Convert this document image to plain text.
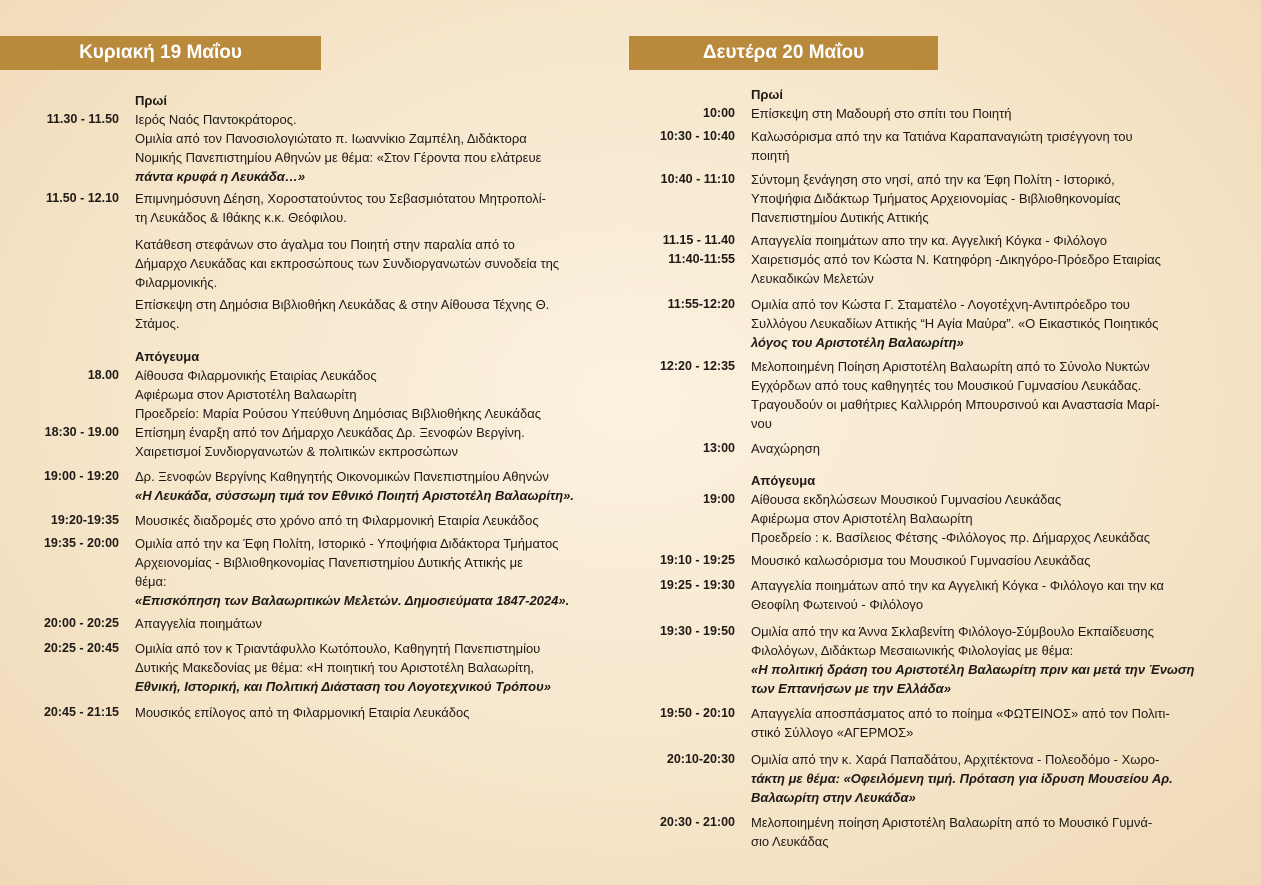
Κυριακή 19 Μαΐου	Δευτέρα 20 Μαΐου
Πρωί
11.30 - 11.50 Ιερός Ναός Παντοκράτορος.
Ομιλία από τον Πανοσιολογιώτατο π. Ιωαννίκιο Ζαμπέλη, Διδάκτορα
Νομικής Πανεπιστημίου Αθηνών με θέμα: «Στον Γέροντα που ελάτρευε
πάντα κρυφά η Λευκάδα…»
11.50 - 12.10 Επιμνημόσυνη Δέηση, Χοροστατούντος του Σεβασμιότατου Μητροπολί-
τη Λευκάδος & Ιθάκης κ.κ. Θεόφιλου.
Κατάθεση στεφάνων στο άγαλμα του Ποιητή στην παραλία από το
Δήμαρχο Λευκάδας και εκπροσώπους των Συνδιοργανωτών συνοδεία της
Φιλαρμονικής.
Επίσκεψη στη Δημόσια Βιβλιοθήκη Λευκάδας & στην Αίθουσα Τέχνης Θ.
Στάμος.
Απόγευμα
18.00 Αίθουσα Φιλαρμονικής Εταιρίας Λευκάδος
Αφιέρωμα στον Αριστοτέλη Βαλαωρίτη
Προεδρείο: Μαρία Ρούσου Υπεύθυνη Δημόσιας Βιβλιοθήκης Λευκάδας
18:30 - 19.00 Επίσημη έναρξη από τον Δήμαρχο Λευκάδας Δρ. Ξενοφών Βεργίνη.
Χαιρετισμοί Συνδιοργανωτών & πολιτικών εκπροσώπων
19:00 - 19:20 Δρ. Ξενοφών Βεργίνης Καθηγητής Οικονομικών Πανεπιστημίου Αθηνών
«Η Λευκάδα, σύσσωμη τιμά τον Εθνικό Ποιητή Αριστοτέλη Βαλαωρίτη».
19:20-19:35 Μουσικές διαδρομές στο χρόνο από τη Φιλαρμονική Εταιρία Λευκάδος
19:35 - 20:00 Ομιλία από την κα Έφη Πολίτη, Ιστορικό - Υποψήφια Διδάκτορα Τμήματος
Αρχειονομίας - Βιβλιοθηκονομίας Πανεπιστημίου Δυτικής Αττικής με
θέμα:
«Επισκόπηση των Βαλαωριτικών Μελετών. Δημοσιεύματα 1847-2024».
20:00 - 20:25 Απαγγελία ποιημάτων
20:25 - 20:45 Ομιλία από τον κ Τριαντάφυλλο Κωτόπουλο, Καθηγητή Πανεπιστημίου
Δυτικής Μακεδονίας με θέμα: «Η ποιητική του Αριστοτέλη Βαλαωρίτη,
Εθνική, Ιστορική, και Πολιτική Διάσταση του Λογοτεχνικού Τρόπου»
20:45 - 21:15 Μουσικός επίλογος από τη Φιλαρμονική Εταιρία Λευκάδος
Πρωί
10:00 Επίσκεψη στη Μαδουρή στο σπίτι του Ποιητή
10:30 - 10:40 Καλωσόρισμα από την κα Τατιάνα Καραπαναγιώτη τρισέγγονη του
ποιητή
10:40 - 11:10 Σύντομη ξενάγηση στο νησί, από την κα Έφη Πολίτη - Ιστορικό,
Υποψήφια Διδάκτωρ Τμήματος Αρχειονομίας - Βιβλιοθηκονομίας
Πανεπιστημίου Δυτικής Αττικής
11.15 - 11.40 Απαγγελία ποιημάτων απο την κα. Αγγελική Κόγκα - Φιλόλογο
11:40-11:55 Χαιρετισμός από τον Κώστα Ν. Κατηφόρη -Δικηγόρο-Πρόεδρο Εταιρίας
Λευκαδικών Μελετών
11:55-12:20 Ομιλία από τον Κώστα Γ. Σταματέλο - Λογοτέχνη-Αντιπρόεδρο του
Συλλόγου Λευκαδίων Αττικής “Η Αγία Μαύρα”. «Ο Εικαστικός Ποιητικός
λόγος του Αριστοτέλη Βαλαωρίτη»
12:20 - 12:35 Μελοποιημένη Ποίηση Αριστοτέλη Βαλαωρίτη από το Σύνολο Νυκτών
Εγχόρδων από τους καθηγητές του Μουσικού Γυμνασίου Λευκάδας.
Τραγουδούν οι μαθήτριες Καλλιρρόη Μπουρσινού και Αναστασία Μαρί-
νου
13:00 Αναχώρηση
Απόγευμα
19:00 Αίθουσα εκδηλώσεων Μουσικού Γυμνασίου Λευκάδας
Αφιέρωμα στον Αριστοτέλη Βαλαωρίτη
Προεδρείο : κ. Βασίλειος Φέτσης -Φιλόλογος πρ. Δήμαρχος Λευκάδας
19:10 - 19:25 Μουσικό καλωσόρισμα του Μουσικού Γυμνασίου Λευκάδας
19:25 - 19:30 Απαγγελία ποιημάτων από την κα Αγγελική Κόγκα - Φιλόλογο και την κα
Θεοφίλη Φωτεινού - Φιλόλογο
19:30 - 19:50 Ομιλία από την κα Άννα Σκλαβενίτη Φιλόλογο-Σύμβουλο Εκπαίδευσης
Φιλολόγων, Διδάκτωρ Μεσαιωνικής Φιλολογίας με θέμα:
«Η πολιτική δράση του Αριστοτέλη Βαλαωρίτη πριν και μετά την Ένωση
των Επτανήσων με την Ελλάδα»
19:50 - 20:10 Απαγγελία αποσπάσματος από το ποίημα «ΦΩΤΕΙΝΟΣ» από τον Πολιτι-
στικό Σύλλογο «ΑΓΕΡΜΟΣ»
20:10-20:30 Ομιλία από την κ. Χαρά Παπαδάτου, Αρχιτέκτονα - Πολεοδόμο - Χωρο-
τάκτη με θέμα: «Οφειλόμενη τιμή. Πρόταση για ίδρυση Μουσείου Αρ.
Βαλαωρίτη στην Λευκάδα»
20:30 - 21:00 Μελοποιημένη ποίηση Αριστοτέλη Βαλαωρίτη από το Μουσικό Γυμνά-
σιο Λευκάδας
